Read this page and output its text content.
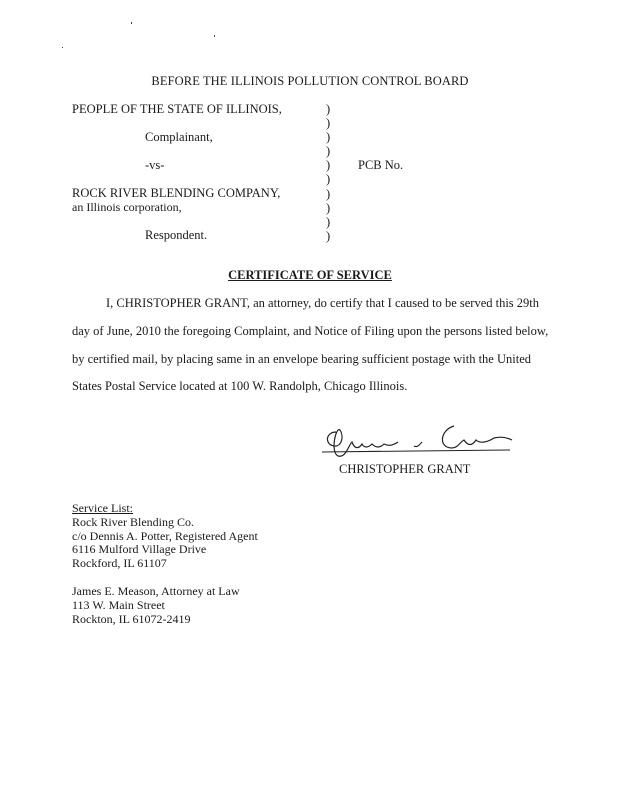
BEFORE THE ILLINOIS POLLUTION CONTROL BOARD
PEOPLE OF THE STATE OF ILLINOIS,
Complainant,
-vs-
ROCK RIVER BLENDING COMPANY,
an Illinois corporation,
Respondent.
)
)
)
)
)
)
)
)
)
)
PCB No.
CERTIFICATE OF SERVICE
I, CHRISTOPHER GRANT, an attorney, do certify that I caused to be served this 29th
day of June, 2010 the foregoing Complaint, and Notice of Filing upon the persons listed below,
by certified mail, by placing same in an envelope bearing sufficient postage with the United
States Postal Service located at 100 W. Randolph, Chicago Illinois.
CHRISTOPHER GRANT
Service List:
Rock River Blending Co.
c/o Dennis A. Potter, Registered Agent
6116 Mulford Village Drive
Rockford, IL 61107
James E. Meason, Attorney at Law
113 W. Main Street
Rockton, IL 61072-2419
